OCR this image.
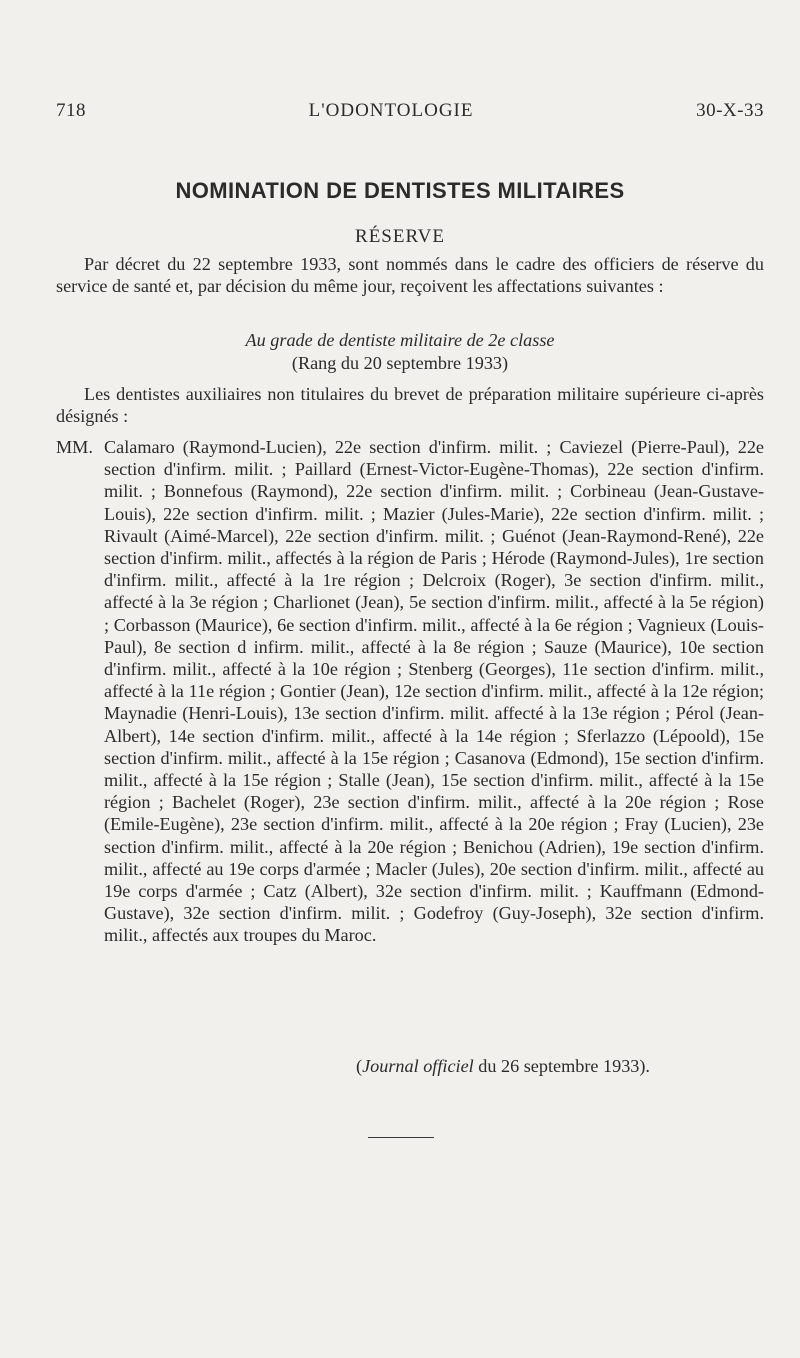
718	L'ODONTOLOGIE	30-X-33
NOMINATION DE DENTISTES MILITAIRES
RÉSERVE
Par décret du 22 septembre 1933, sont nommés dans le cadre des officiers de réserve du service de santé et, par décision du même jour, reçoivent les affectations suivantes :
Au grade de dentiste militaire de 2e classe
(Rang du 20 septembre 1933)
Les dentistes auxiliaires non titulaires du brevet de préparation militaire supérieure ci-après désignés :
MM. Calamaro (Raymond-Lucien), 22e section d'infirm. milit. ; Caviezel (Pierre-Paul), 22e section d'infirm. milit. ; Paillard (Ernest-Victor-Eugène-Thomas), 22e section d'infirm. milit. ; Bonnefous (Raymond), 22e section d'infirm. milit. ; Corbineau (Jean-Gustave-Louis), 22e section d'infirm. milit. ; Mazier (Jules-Marie), 22e section d'infirm. milit. ; Rivault (Aimé-Marcel), 22e section d'infirm. milit. ; Guénot (Jean-Raymond-René), 22e section d'infirm. milit., affectés à la région de Paris ; Hérode (Raymond-Jules), 1re section d'infirm. milit., affecté à la 1re région ; Delcroix (Roger), 3e section d'infirm. milit., affecté à la 3e région ; Charlionet (Jean), 5e section d'infirm. milit., affecté à la 5e région) ; Corbasson (Maurice), 6e section d'infirm. milit., affecté à la 6e région ; Vagnieux (Louis-Paul), 8e section d infirm. milit., affecté à la 8e région ; Sauze (Maurice), 10e section d'infirm. milit., affecté à la 10e région ; Stenberg (Georges), 11e section d'infirm. milit., affecté à la 11e région ; Gontier (Jean), 12e section d'infirm. milit., affecté à la 12e région; Maynadie (Henri-Louis), 13e section d'infirm. milit. affecté à la 13e région ; Pérol (Jean-Albert), 14e section d'infirm. milit., affecté à la 14e région ; Sferlazzo (Lépoold), 15e section d'infirm. milit., affecté à la 15e région ; Casanova (Edmond), 15e section d'infirm. milit., affecté à la 15e région ; Stalle (Jean), 15e section d'infirm. milit., affecté à la 15e région ; Bachelet (Roger), 23e section d'infirm. milit., affecté à la 20e région ; Rose (Emile-Eugène), 23e section d'infirm. milit., affecté à la 20e région ; Fray (Lucien), 23e section d'infirm. milit., affecté à la 20e région ; Benichou (Adrien), 19e section d'infirm. milit., affecté au 19e corps d'armée ; Macler (Jules), 20e section d'infirm. milit., affecté au 19e corps d'armée ; Catz (Albert), 32e section d'infirm. milit. ; Kauffmann (Edmond-Gustave), 32e section d'infirm. milit. ; Godefroy (Guy-Joseph), 32e section d'infirm. milit., affectés aux troupes du Maroc.
(Journal officiel du 26 septembre 1933).
